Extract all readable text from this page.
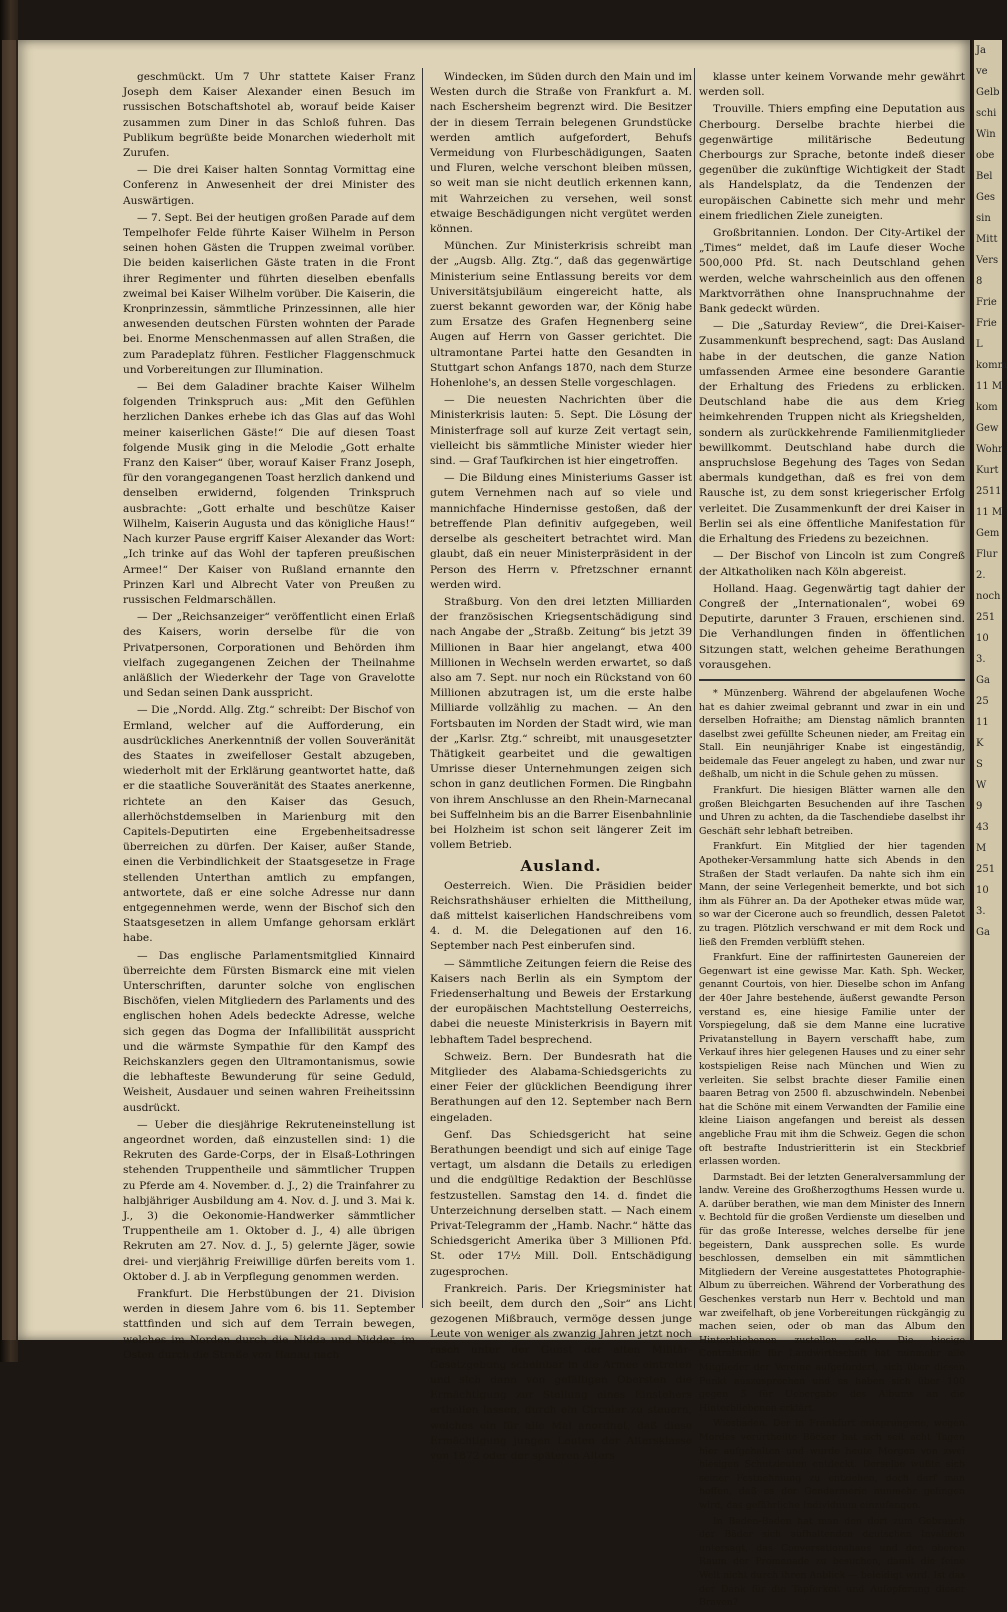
geschmückt. Um 7 Uhr stattete Kaiser Franz Joseph dem Kaiser Alexander einen Besuch im russischen Botschaftshotel ab, worauf beide Kaiser zusammen zum Diner in das Schloß fuhren. Das Publikum begrüßte beide Monarchen wiederholt mit Zurufen.

— Die drei Kaiser halten Sonntag Vormittag eine Conferenz in Anwesenheit der drei Minister des Auswärtigen.

— 7. Sept. Bei der heutigen großen Parade auf dem Tempelhofer Felde führte Kaiser Wilhelm in Person seinen hohen Gästen die Truppen zweimal vorüber. Die beiden kaiserlichen Gäste traten in die Front ihrer Regimenter und führten dieselben ebenfalls zweimal bei Kaiser Wilhelm vorüber. Die Kaiserin, die Kronprinzessin, sämmtliche Prinzessinnen, alle hier anwesenden deutschen Fürsten wohnten der Parade bei. Enorme Menschenmassen auf allen Straßen, die zum Paradeplatz führen. Festlicher Flaggenschmuck und Vorbereitungen zur Illumination.

— Bei dem Galadiner brachte Kaiser Wilhelm folgenden Trinkspruch aus: „Mit den Gefühlen herzlichen Dankes erhebe ich das Glas auf das Wohl meiner kaiserlichen Gäste!“ Die auf diesen Toast folgende Musik ging in die Melodie „Gott erhalte Franz den Kaiser“ über, worauf Kaiser Franz Joseph, für den vorangegangenen Toast herzlich dankend und denselben erwidernd, folgenden Trinkspruch ausbrachte: „Gott erhalte und beschütze Kaiser Wilhelm, Kaiserin Augusta und das königliche Haus!“ Nach kurzer Pause ergriff Kaiser Alexander das Wort: „Ich trinke auf das Wohl der tapferen preußischen Armee!“ Der Kaiser von Rußland ernannte den Prinzen Karl und Albrecht Vater von Preußen zu russischen Feldmarschällen.

— Der „Reichsanzeiger“ veröffentlicht einen Erlaß des Kaisers, worin derselbe für die von Privatpersonen, Corporationen und Behörden ihm vielfach zugegangenen Zeichen der Theilnahme anläßlich der Wiederkehr der Tage von Gravelotte und Sedan seinen Dank ausspricht.

— Die „Nordd. Allg. Ztg.“ schreibt: Der Bischof von Ermland, welcher auf die Aufforderung, ein ausdrückliches Anerkenntniß der vollen Souveränität des Staates in zweifelloser Gestalt abzugeben, wiederholt mit der Erklärung geantwortet hatte, daß er die staatliche Souveränität des Staates anerkenne, richtete an den Kaiser das Gesuch, allerhöchstdemselben in Marienburg mit den Capitels-Deputirten eine Ergebenheitsadresse überreichen zu dürfen. Der Kaiser, außer Stande, einen die Verbindlichkeit der Staatsgesetze in Frage stellenden Unterthan amtlich zu empfangen, antwortete, daß er eine solche Adresse nur dann entgegennehmen werde, wenn der Bischof sich den Staatsgesetzen in allem Umfange gehorsam erklärt habe.

— Das englische Parlamentsmitglied Kinnaird überreichte dem Fürsten Bismarck eine mit vielen Unterschriften, darunter solche von englischen Bischöfen, vielen Mitgliedern des Parlaments und des englischen hohen Adels bedeckte Adresse, welche sich gegen das Dogma der Infallibilität ausspricht und die wärmste Sympathie für den Kampf des Reichskanzlers gegen den Ultramontanismus, sowie die lebhafteste Bewunderung für seine Geduld, Weisheit, Ausdauer und seinen wahren Freiheitssinn ausdrückt.

— Ueber die diesjährige Rekruteneinstellung ist angeordnet worden, daß einzustellen sind: 1) die Rekruten des Garde-Corps, der in Elsaß-Lothringen stehenden Truppentheile und sämmtlicher Truppen zu Pferde am 4. November. d. J., 2) die Trainfahrer zu halbjähriger Ausbildung am 4. Nov. d. J. und 3. Mai k. J., 3) die Oekonomie-Handwerker sämmtlicher Truppentheile am 1. Oktober d. J., 4) alle übrigen Rekruten am 27. Nov. d. J., 5) gelernte Jäger, sowie drei- und vierjährig Freiwillige dürfen bereits vom 1. Oktober d. J. ab in Verpflegung genommen werden.

Frankfurt. Die Herbstübungen der 21. Division werden in diesem Jahre vom 6. bis 11. September stattfinden und sich auf dem Terrain bewegen, welches im Norden durch die Nidda und Nidder, im Osten durch die Straße von Hanau nach

Windecken, im Süden durch den Main und im Westen durch die Straße von Frankfurt a. M. nach Eschersheim begrenzt wird. Die Besitzer der in diesem Terrain belegenen Grundstücke werden amtlich aufgefordert, Behufs Vermeidung von Flurbeschädigungen, Saaten und Fluren, welche verschont bleiben müssen, so weit man sie nicht deutlich erkennen kann, mit Wahrzeichen zu versehen, weil sonst etwaige Beschädigungen nicht vergütet werden können.

München. Zur Ministerkrisis schreibt man der „Augsb. Allg. Ztg.“, daß das gegenwärtige Ministerium seine Entlassung bereits vor dem Universitätsjubiläum eingereicht hatte, als zuerst bekannt geworden war, der König habe zum Ersatze des Grafen Hegnenberg seine Augen auf Herrn von Gasser gerichtet. Die ultramontane Partei hatte den Gesandten in Stuttgart schon Anfangs 1870, nach dem Sturze Hohenlohe's, an dessen Stelle vorgeschlagen.

— Die neuesten Nachrichten über die Ministerkrisis lauten: 5. Sept. Die Lösung der Ministerfrage soll auf kurze Zeit vertagt sein, vielleicht bis sämmtliche Minister wieder hier sind. — Graf Taufkirchen ist hier eingetroffen.

— Die Bildung eines Ministeriums Gasser ist gutem Vernehmen nach auf so viele und mannichfache Hindernisse gestoßen, daß der betreffende Plan definitiv aufgegeben, weil derselbe als gescheitert betrachtet wird. Man glaubt, daß ein neuer Ministerpräsident in der Person des Herrn v. Pfretzschner ernannt werden wird.

Straßburg. Von den drei letzten Milliarden der französischen Kriegsentschädigung sind nach Angabe der „Straßb. Zeitung“ bis jetzt 39 Millionen in Baar hier angelangt, etwa 400 Millionen in Wechseln werden erwartet, so daß also am 7. Sept. nur noch ein Rückstand von 60 Millionen abzutragen ist, um die erste halbe Milliarde vollzählig zu machen. — An den Fortsbauten im Norden der Stadt wird, wie man der „Karlsr. Ztg.“ schreibt, mit unausgesetzter Thätigkeit gearbeitet und die gewaltigen Umrisse dieser Unternehmungen zeigen sich schon in ganz deutlichen Formen. Die Ringbahn von ihrem Anschlusse an den Rhein-Marnecanal bei Suffelnheim bis an die Barrer Eisenbahnlinie bei Holzheim ist schon seit längerer Zeit im vollem Betrieb.

Ausland.

Oesterreich. Wien. Die Präsidien beider Reichsrathshäuser erhielten die Mittheilung, daß mittelst kaiserlichen Handschreibens vom 4. d. M. die Delegationen auf den 16. September nach Pest einberufen sind.

— Sämmtliche Zeitungen feiern die Reise des Kaisers nach Berlin als ein Symptom der Friedenserhaltung und Beweis der Erstarkung der europäischen Machtstellung Oesterreichs, dabei die neueste Ministerkrisis in Bayern mit lebhaftem Tadel besprechend.

Schweiz. Bern. Der Bundesrath hat die Mitglieder des Alabama-Schiedsgerichts zu einer Feier der glücklichen Beendigung ihrer Berathungen auf den 12. September nach Bern eingeladen.

Genf. Das Schiedsgericht hat seine Berathungen beendigt und sich auf einige Tage vertagt, um alsdann die Details zu erledigen und die endgültige Redaktion der Beschlüsse festzustellen. Samstag den 14. d. findet die Unterzeichnung derselben statt. — Nach einem Privat-Telegramm der „Hamb. Nachr.“ hätte das Schiedsgericht Amerika über 3 Millionen Pfd. St. oder 17½ Mill. Doll. Entschädigung zugesprochen.

Frankreich. Paris. Der Kriegsminister hat sich beeilt, dem durch den „Soir“ ans Licht gezogenen Mißbrauch, vermöge dessen junge Leute von weniger als zwanzig Jahren jetzt noch rasch unter der Gunst der alten Militär-Gesetzgebung scheinbar in die Armee eintreten und sich dann von gefälligen Obersten die Ermächtigung zur Stellung eines Einstehers ertheilen lassen, durch ein Circular zu steuern, welches ein für alle Mal anordnet, daß diese Ermächtigung jungen Leuten der Altersklasse von 1872 oder der späteren Alters-

klasse unter keinem Vorwande mehr gewährt werden soll.

Trouville. Thiers empfing eine Deputation aus Cherbourg. Derselbe brachte hierbei die gegenwärtige militärische Bedeutung Cherbourgs zur Sprache, betonte indeß dieser gegenüber die zukünftige Wichtigkeit der Stadt als Handelsplatz, da die Tendenzen der europäischen Cabinette sich mehr und mehr einem friedlichen Ziele zuneigten.

Großbritannien. London. Der City-Artikel der „Times“ meldet, daß im Laufe dieser Woche 500,000 Pfd. St. nach Deutschland gehen werden, welche wahrscheinlich aus den offenen Marktvorräthen ohne Inanspruchnahme der Bank gedeckt würden.

— Die „Saturday Review“, die Drei-Kaiser-Zusammenkunft besprechend, sagt: Das Ausland habe in der deutschen, die ganze Nation umfassenden Armee eine besondere Garantie der Erhaltung des Friedens zu erblicken. Deutschland habe die aus dem Krieg heimkehrenden Truppen nicht als Kriegshelden, sondern als zurückkehrende Familienmitglieder bewillkommt. Deutschland habe durch die anspruchslose Begehung des Tages von Sedan abermals kundgethan, daß es frei von dem Rausche ist, zu dem sonst kriegerischer Erfolg verleitet. Die Zusammenkunft der drei Kaiser in Berlin sei als eine öffentliche Manifestation für die Erhaltung des Friedens zu bezeichnen.

— Der Bischof von Lincoln ist zum Congreß der Altkatholiken nach Köln abgereist.

Holland. Haag. Gegenwärtig tagt dahier der Congreß der „Internationalen“, wobei 69 Deputirte, darunter 3 Frauen, erschienen sind. Die Verhandlungen finden in öffentlichen Sitzungen statt, welchen geheime Berathungen vorausgehen.

* Münzenberg. Während der abgelaufenen Woche hat es dahier zweimal gebrannt und zwar in ein und derselben Hofraithe; am Dienstag nämlich brannten daselbst zwei gefüllte Scheunen nieder, am Freitag ein Stall. Ein neunjähriger Knabe ist eingeständig, beidemale das Feuer angelegt zu haben, und zwar nur deßhalb, um nicht in die Schule gehen zu müssen.

Frankfurt. Die hiesigen Blätter warnen alle den großen Bleichgarten Besuchenden auf ihre Taschen und Uhren zu achten, da die Taschendiebe daselbst ihr Geschäft sehr lebhaft betreiben.

Frankfurt. Ein Mitglied der hier tagenden Apotheker-Versammlung hatte sich Abends in den Straßen der Stadt verlaufen. Da nahte sich ihm ein Mann, der seine Verlegenheit bemerkte, und bot sich ihm als Führer an. Da der Apotheker etwas müde war, so war der Cicerone auch so freundlich, dessen Paletot zu tragen. Plötzlich verschwand er mit dem Rock und ließ den Fremden verblüfft stehen.

Frankfurt. Eine der raffinirtesten Gaunereien der Gegenwart ist eine gewisse Mar. Kath. Sph. Wecker, genannt Courtois, von hier. Dieselbe schon im Anfang der 40er Jahre bestehende, äußerst gewandte Person verstand es, eine hiesige Familie unter der Vorspiegelung, daß sie dem Manne eine lucrative Privatanstellung in Bayern verschafft habe, zum Verkauf ihres hier gelegenen Hauses und zu einer sehr kostspieligen Reise nach München und Wien zu verleiten. Sie selbst brachte dieser Familie einen baaren Betrag von 2500 fl. abzuschwindeln. Nebenbei hat die Schöne mit einem Verwandten der Familie eine kleine Liaison angefangen und bereist als dessen angebliche Frau mit ihm die Schweiz. Gegen die schon oft bestrafte Industrieritterin ist ein Steckbrief erlassen worden.

Darmstadt. Bei der letzten Generalversammlung der landw. Vereine des Großherzogthums Hessen wurde u. A. darüber berathen, wie man dem Minister des Innern v. Bechtold für die großen Verdienste um dieselben und für das große Interesse, welches derselbe für jene begeistern, Dank aussprechen solle. Es wurde beschlossen, demselben ein mit sämmtlichen Mitgliedern der Vereine ausgestattetes Photographie-Album zu überreichen. Während der Vorberathung des Geschenkes verstarb nun Herr v. Bechtold und man war zweifelhaft, ob jene Vorbereitungen rückgängig zu machen seien, oder ob man das Album den Hinterbliebenen zustellen solle. Die hiesige Centralstelle für Landwirthschaft hat nunmehr alle Mitglieder der Vereine aufgefordert, sich über diesen Punkt auszusprechen und es haben sich über 100 gegen 5 für Uebergabe des Albums an die Hinterbliebenen erklärt.

Wiesbaden. Der in Frankfurt entsprungene, wegen Mordes verurtheilte Böcker hat sich seit acht Tagen hier aufgehalten und wurde heute Morgen von zwei hiesigen Schutzleuten entdeckt. Derselbe wußte sich seiner Festnehmung zu entziehen, doch darf man hoffen, daß es der Gendarmerie nunmehr gelingen wird, das gefährliche Individuum einzufangen.

In Baden-Baden hat man den dort zum Gebrauch der Bäder sich aufhaltenden deutschen Invaliden untersagt, das Conversationshaus und den oberen Raum der Promenade zu besuchen, damit die feine Welt nicht durch ihren Anblick — beleidigt wird. Ist das der Dank für die Tapferkeit und Aufopferung dieser Braven?

Ja
ve
Gelb
schi
Win
obe
Bel
Ges
sin
Mitt
Vers
8
Frie
Frie
L
komm
11 M
kom
Gew
Wohr
Kurt
2511
11 M
Gem
Flur
2.
noch
251
10
3.
Ga
25
11
K
S
W
9
43
M
251
10
3.
Ga
